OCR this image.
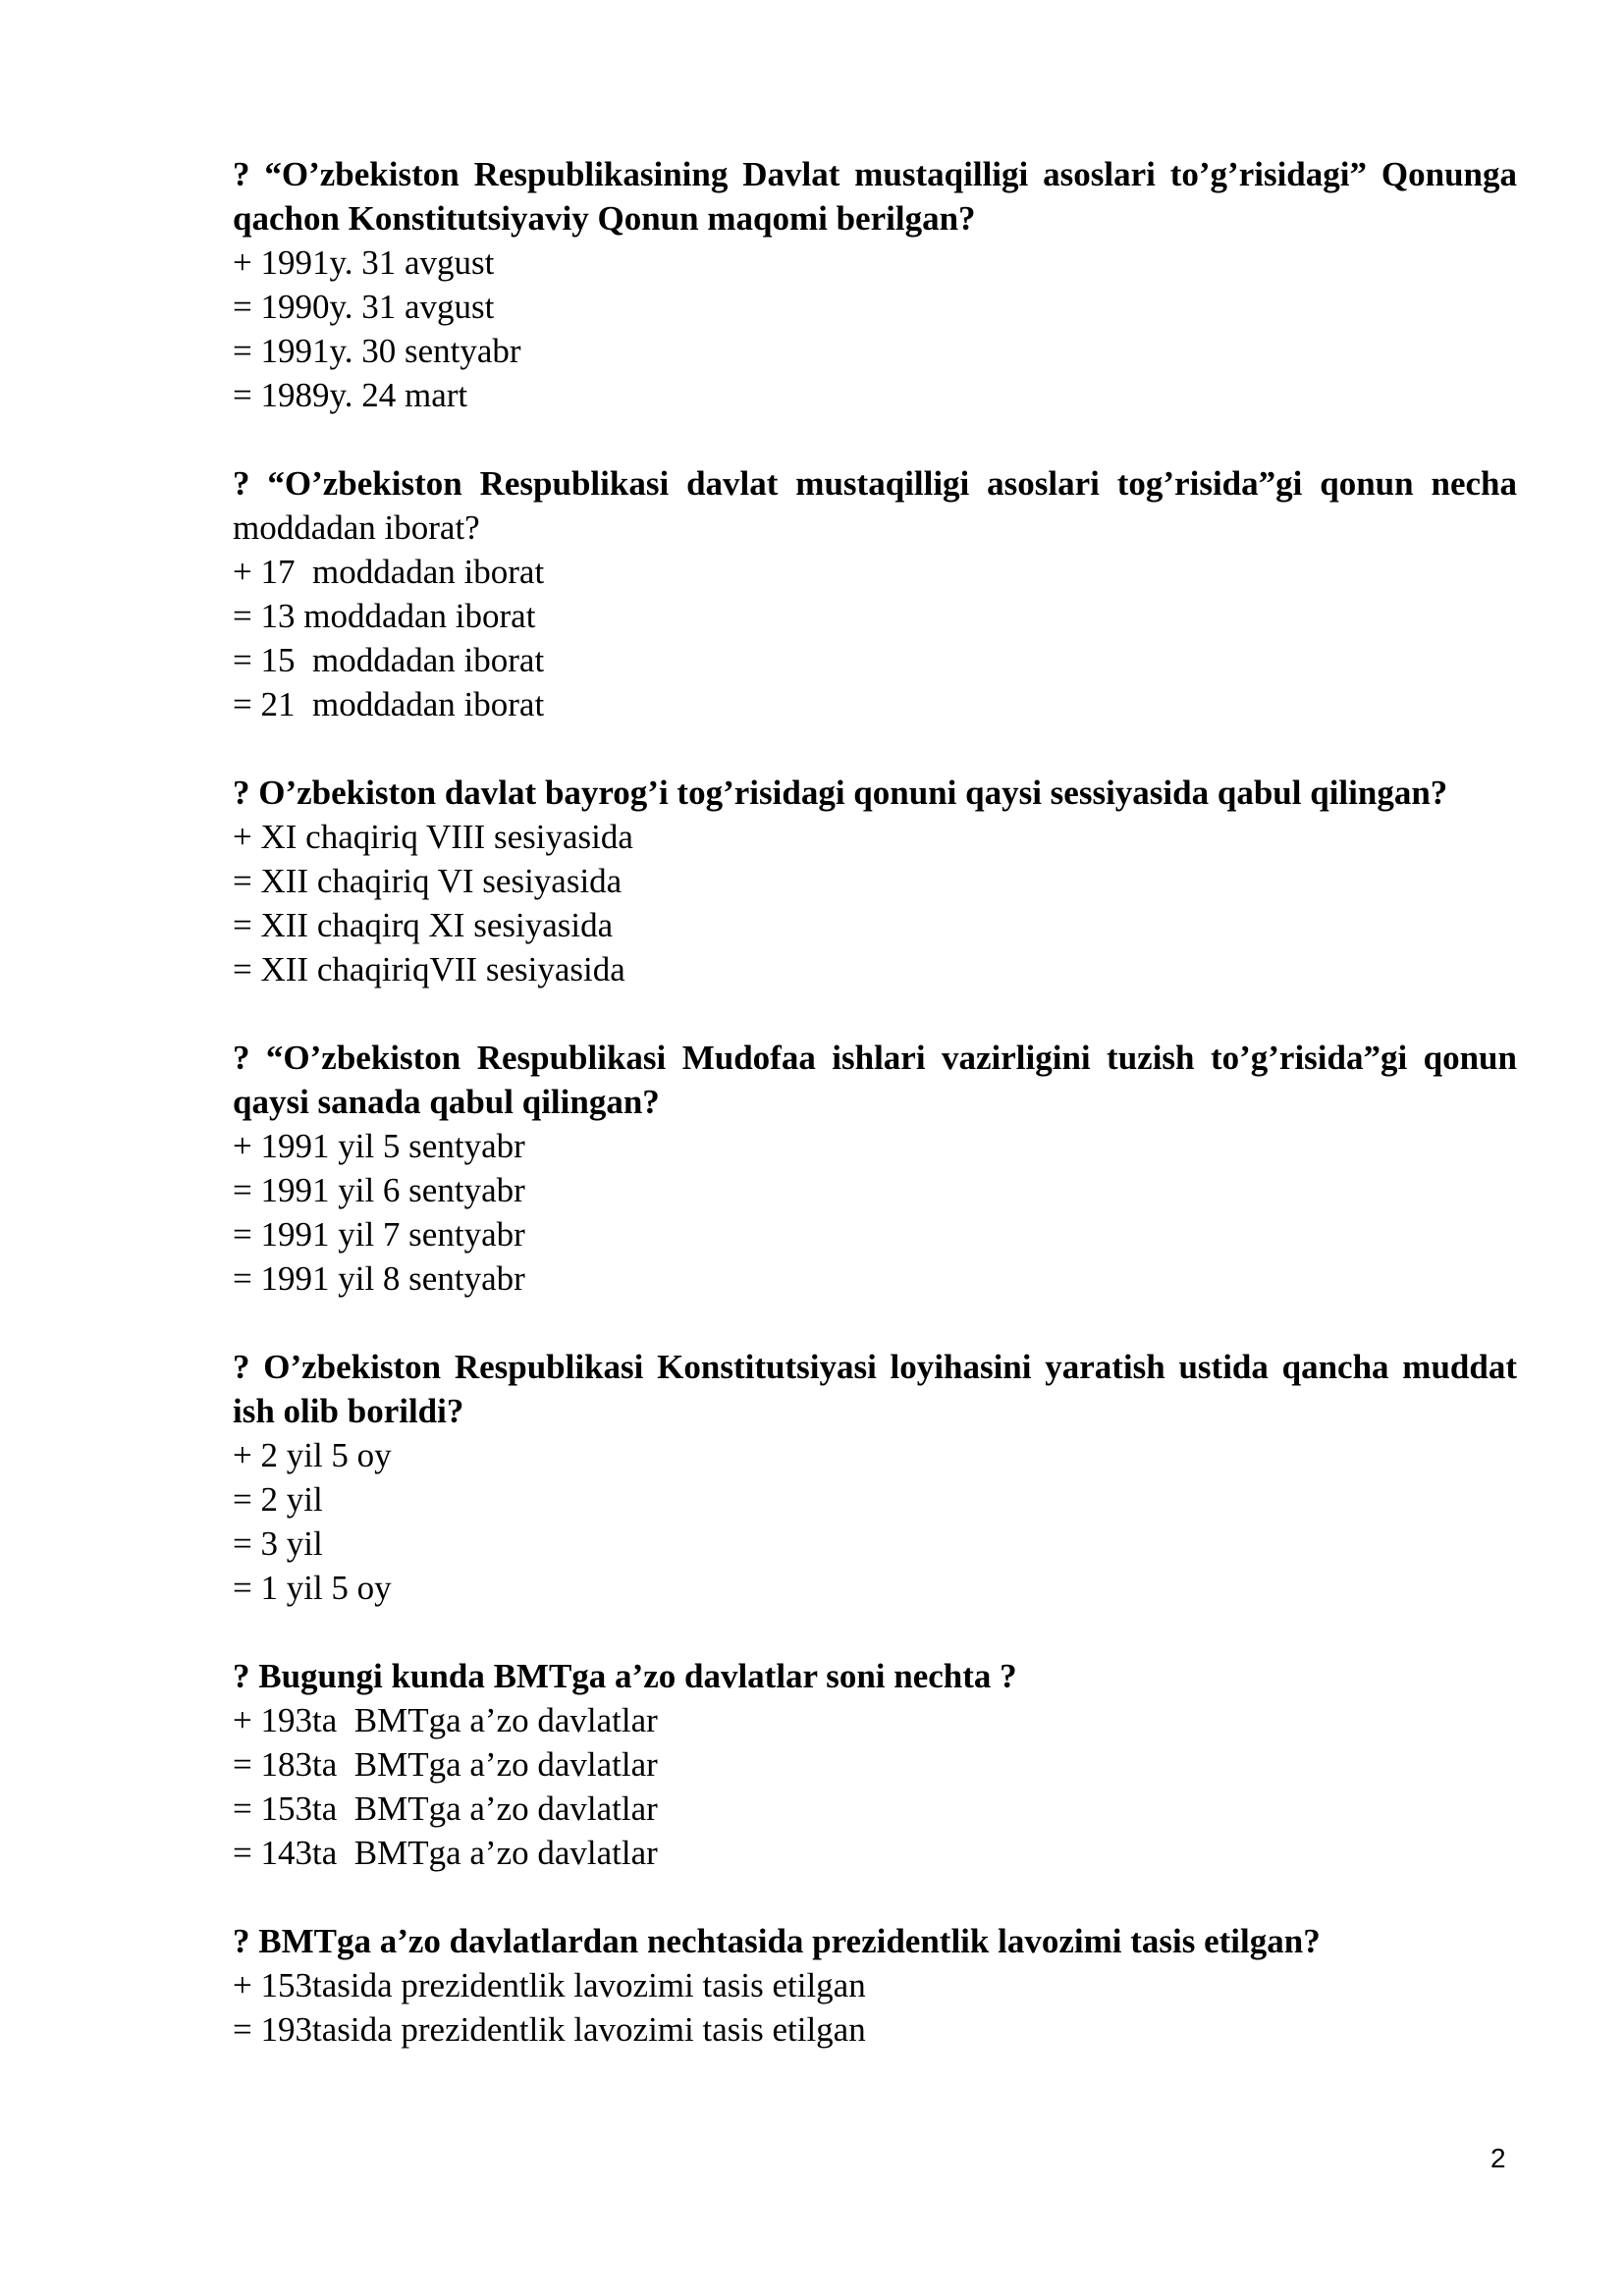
? “O’zbekiston Respublikasining Davlat mustaqilligi asoslari to’g’risidagi” Qonunga qachon Konstitutsiyaviy Qonun maqomi berilgan?

+ 1991y. 31 avgust

= 1990y. 31 avgust

= 1991y. 30 sentyabr

= 1989y. 24 mart

? “O’zbekiston Respublikasi davlat mustaqilligi asoslari tog’risida”gi qonun necha moddadan iborat?

+ 17  moddadan iborat

= 13 moddadan iborat

= 15  moddadan iborat

= 21  moddadan iborat

? O’zbekiston davlat bayrog’i tog’risidagi qonuni qaysi sessiyasida qabul qilingan?

+ XI chaqiriq VIII sesiyasida

= XII chaqiriq VI sesiyasida

= XII chaqirq XI sesiyasida

= XII chaqiriqVII sesiyasida

? “O’zbekiston Respublikasi Mudofaa ishlari vazirligini tuzish to’g’risida”gi qonun qaysi sanada qabul qilingan?

+ 1991 yil 5 sentyabr

= 1991 yil 6 sentyabr

= 1991 yil 7 sentyabr

= 1991 yil 8 sentyabr

? O’zbekiston Respublikasi Konstitutsiyasi loyihasini yaratish ustida qancha muddat ish olib borildi?

+ 2 yil 5 oy

= 2 yil

= 3 yil

= 1 yil 5 oy

? Bugungi kunda BMTga a’zo davlatlar soni nechta ?

+ 193ta  BMTga a’zo davlatlar

= 183ta  BMTga a’zo davlatlar

= 153ta  BMTga a’zo davlatlar

= 143ta  BMTga a’zo davlatlar

? BMTga a’zo davlatlardan nechtasida prezidentlik lavozimi tasis etilgan?

+ 153tasida prezidentlik lavozimi tasis etilgan

= 193tasida prezidentlik lavozimi tasis etilgan

2
